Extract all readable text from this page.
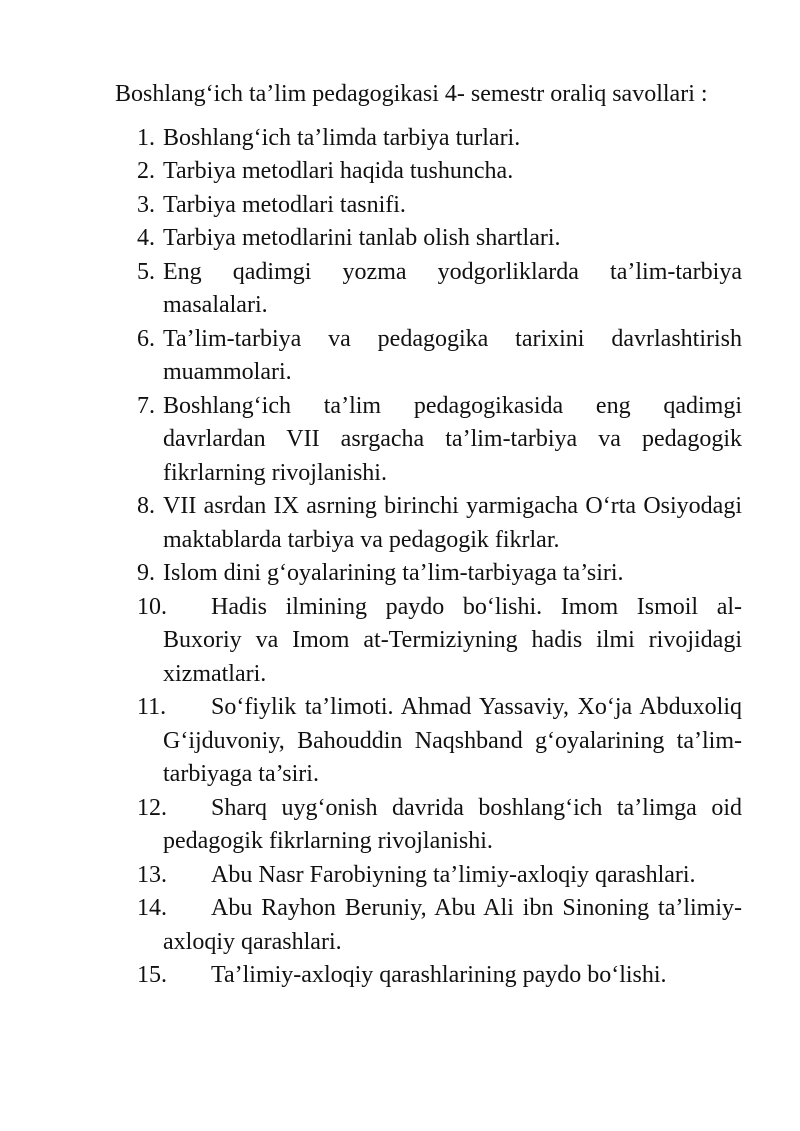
Boshlang‘ich ta’lim pedagogikasi 4- semestr oraliq savollari :

1. Boshlang‘ich ta’limda tarbiya turlari.
2. Tarbiya metodlari haqida tushuncha.
3. Tarbiya metodlari tasnifi.
4. Tarbiya metodlarini tanlab olish shartlari.
5. Eng qadimgi yozma yodgorliklarda ta’lim-tarbiya masalalari.
6. Ta’lim-tarbiya va pedagogika tarixini davrlashtirish muammolari.
7. Boshlang‘ich ta’lim pedagogikasida eng qadimgi davrlardan VII asrgacha ta’lim-tarbiya va pedagogik fikrlarning rivojlanishi.
8. VII asrdan IX asrning birinchi yarmigacha O‘rta Osiyodagi maktablarda tarbiya va pedagogik fikrlar.
9. Islom dini g‘oyalarining ta’lim-tarbiyaga ta’siri.
10. Hadis ilmining paydo bo‘lishi. Imom Ismoil al-Buxoriy va Imom at-Termiziyning hadis ilmi rivojidagi xizmatlari.
11. So‘fiylik ta’limoti. Ahmad Yassaviy, Xo‘ja Abduxoliq G‘ijduvoniy, Bahouddin Naqshband g‘oyalarining ta’lim-tarbiyaga ta’siri.
12. Sharq uyg‘onish davrida boshlang‘ich ta’limga oid pedagogik fikrlarning rivojlanishi.
13. Abu Nasr Farobiyning ta’limiy-axloqiy qarashlari.
14. Abu Rayhon Beruniy, Abu Ali ibn Sinoning ta’limiy-axloqiy qarashlari.
15. Ta’limiy-axloqiy qarashlarining paydo bo‘lishi.
